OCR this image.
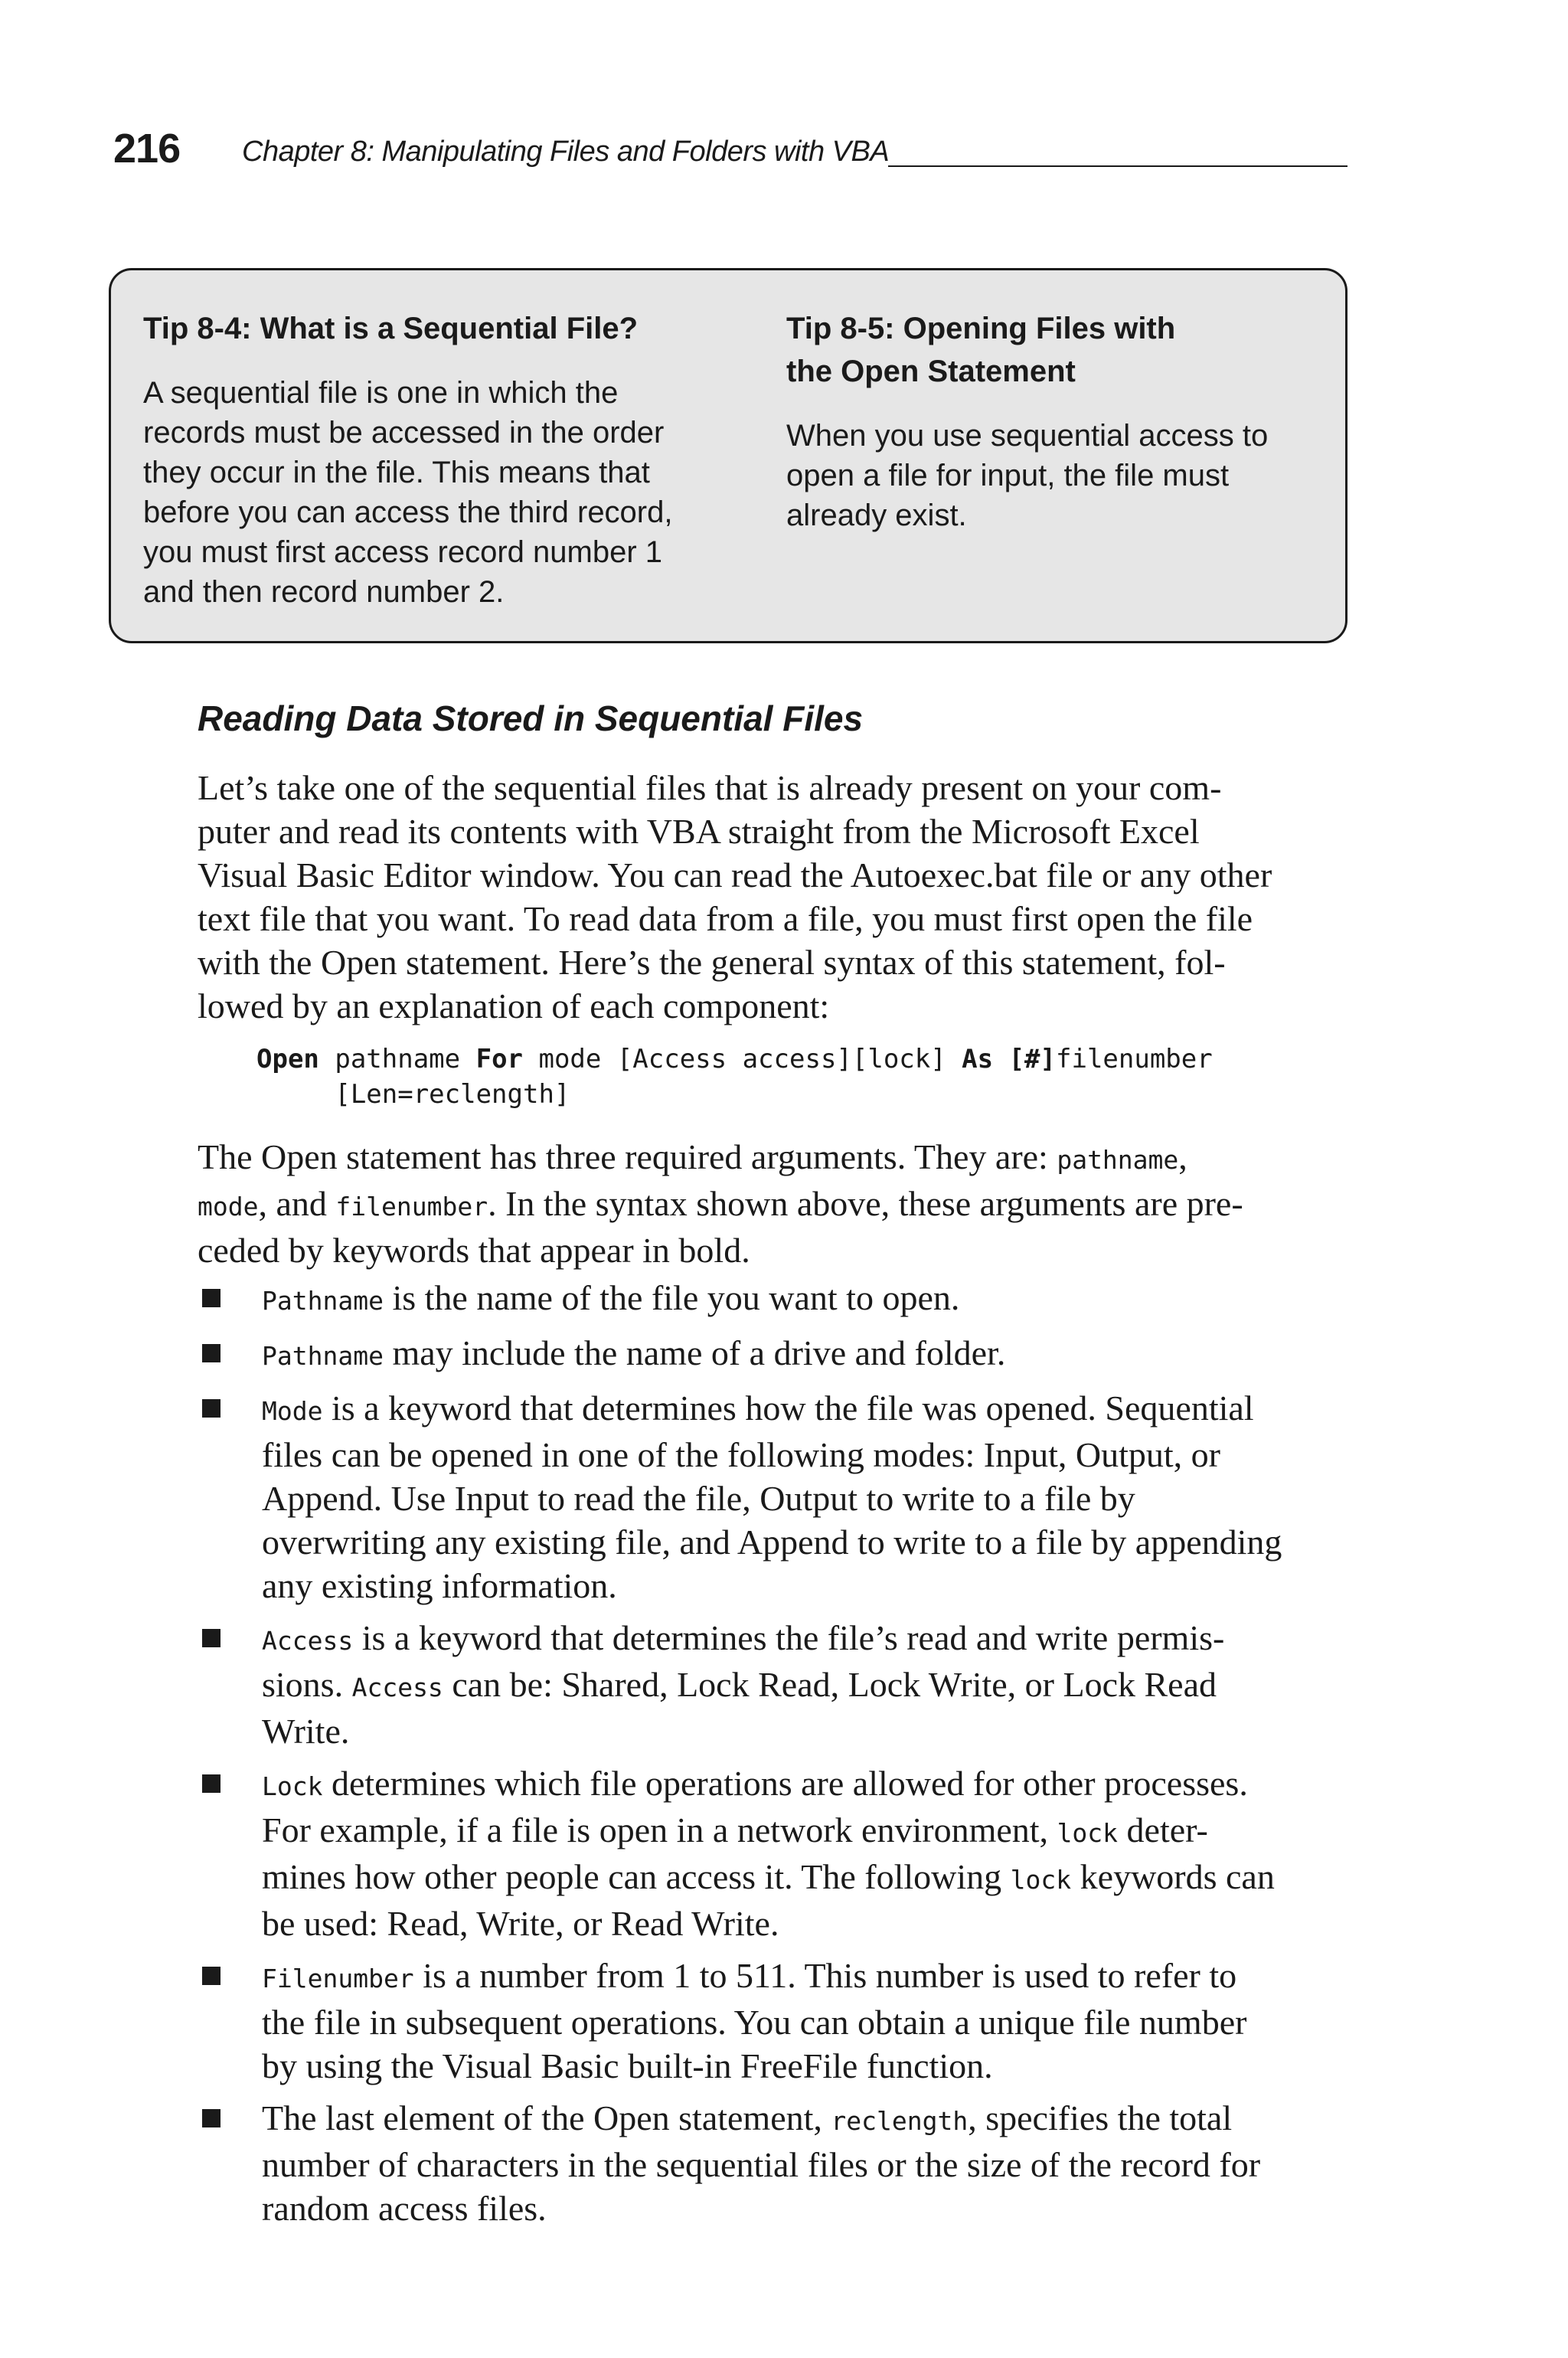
216 Chapter 8: Manipulating Files and Folders with VBA

Tip 8-4: What is a Sequential File?

A sequential file is one in which the
records must be accessed in the order
they occur in the file. This means that
before you can access the third record,
you must first access record number 1
and then record number 2.

Tip 8-5: Opening Files with
the Open Statement

When you use sequential access to
open a file for input, the file must
already exist.

Reading Data Stored in Sequential Files

Let’s take one of the sequential files that is already present on your com-
puter and read its contents with VBA straight from the Microsoft Excel
Visual Basic Editor window. You can read the Autoexec.bat file or any other
text file that you want. To read data from a file, you must first open the file
with the Open statement. Here’s the general syntax of this statement, fol-
lowed by an explanation of each component:

Open pathname For mode [Access access][lock] As [#]filenumber
[Len=reclength]

The Open statement has three required arguments. They are: pathname,
mode, and filenumber. In the syntax shown above, these arguments are pre-
ceded by keywords that appear in bold.

Pathname is the name of the file you want to open.
Pathname may include the name of a drive and folder.
Mode is a keyword that determines how the file was opened. Sequential
files can be opened in one of the following modes: Input, Output, or
Append. Use Input to read the file, Output to write to a file by
overwriting any existing file, and Append to write to a file by appending
any existing information.
Access is a keyword that determines the file’s read and write permis-
sions. Access can be: Shared, Lock Read, Lock Write, or Lock Read
Write.
Lock determines which file operations are allowed for other processes.
For example, if a file is open in a network environment, lock deter-
mines how other people can access it. The following lock keywords can
be used: Read, Write, or Read Write.
Filenumber is a number from 1 to 511. This number is used to refer to
the file in subsequent operations. You can obtain a unique file number
by using the Visual Basic built-in FreeFile function.
The last element of the Open statement, reclength, specifies the total
number of characters in the sequential files or the size of the record for
random access files.
